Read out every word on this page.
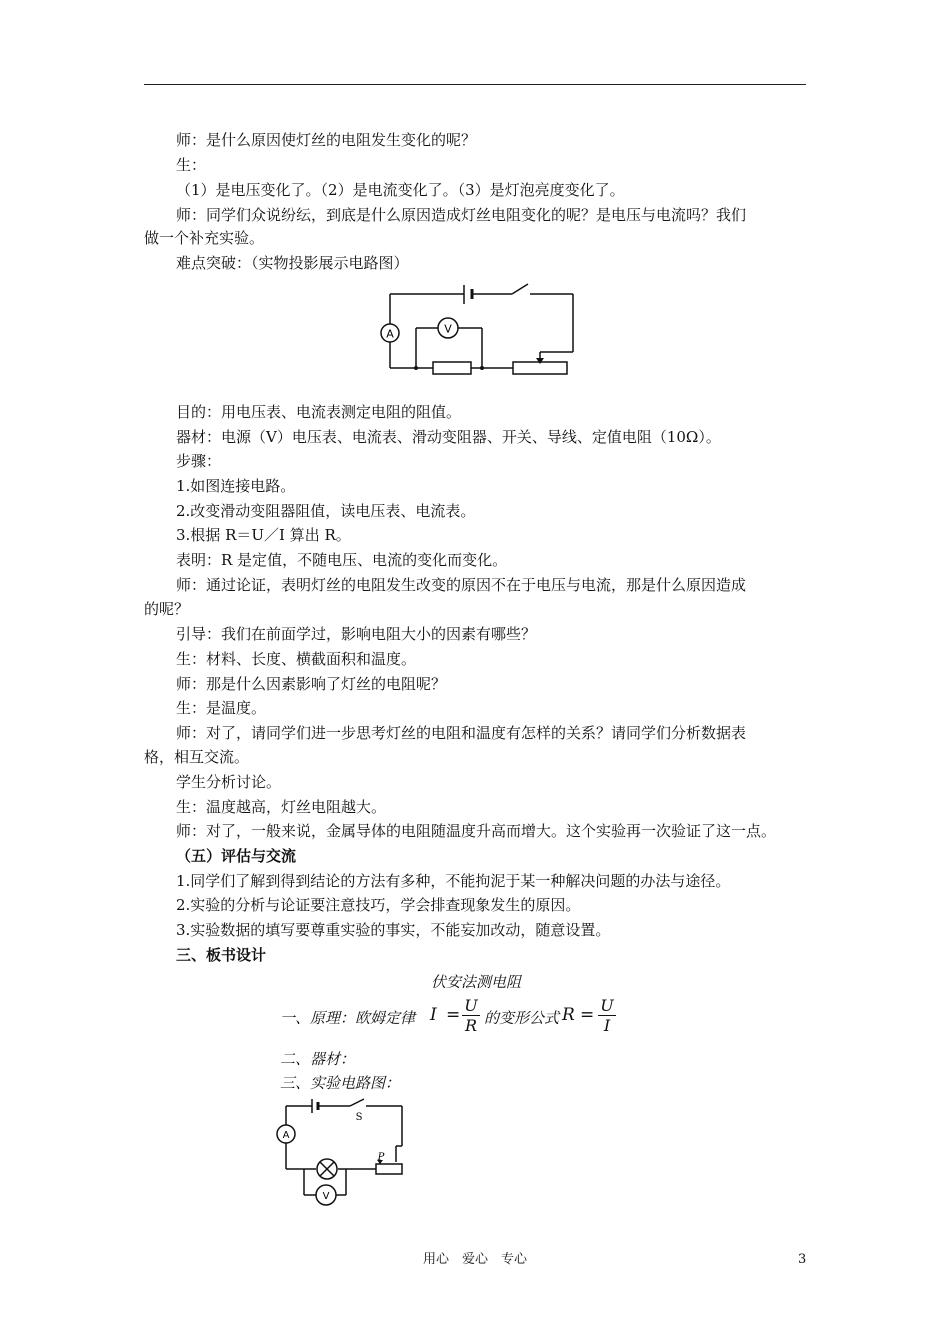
师：是什么原因使灯丝的电阻发生变化的呢？
生：
（1）是电压变化了。（2）是电流变化了。（3）是灯泡亮度变化了。
师：同学们众说纷纭，到底是什么原因造成灯丝电阻变化的呢？是电压与电流吗？我们
做一个补充实验。
难点突破：（实物投影展示电路图）
A	V
目的：用电压表、电流表测定电阻的阻值。
器材：电源（V）电压表、电流表、滑动变阻器、开关、导线、定值电阻（10Ω）。
步骤：
1.如图连接电路。
2.改变滑动变阻器阻值，读电压表、电流表。
3.根据 R＝U／I 算出 R。
表明：R 是定值，不随电压、电流的变化而变化。
师：通过论证，表明灯丝的电阻发生改变的原因不在于电压与电流，那是什么原因造成
的呢？
引导：我们在前面学过，影响电阻大小的因素有哪些？
生：材料、长度、横截面积和温度。
师：那是什么因素影响了灯丝的电阻呢？
生：是温度。
师：对了，请同学们进一步思考灯丝的电阻和温度有怎样的关系？请同学们分析数据表
格，相互交流。
学生分析讨论。
生：温度越高，灯丝电阻越大。
师：对了，一般来说，金属导体的电阻随温度升高而增大。这个实验再一次验证了这一点。
（五）评估与交流
1.同学们了解到得到结论的方法有多种，不能拘泥于某一种解决问题的办法与途径。
2.实验的分析与论证要注意技巧，学会排查现象发生的原因。
3.实验数据的填写要尊重实验的事实，不能妄加改动，随意设置。
三、板书设计
伏安法测电阻
一、原理：欧姆定律 I = U
R 的变形公式 R = U
I
二、器材：
三、实验电路图：
A
V
S
P
用心　爱心　专心	3
